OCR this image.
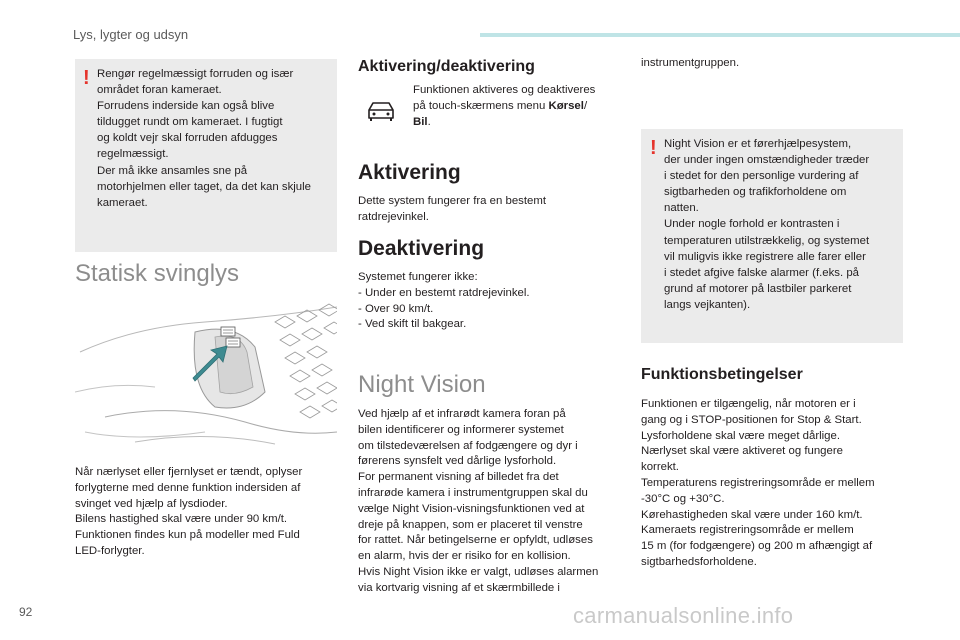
Lys, lygter og udsyn
! Rengør regelmæssigt forruden og især
området foran kameraet.
Forrudens inderside kan også blive
tildugget rundt om kameraet. I fugtigt
og koldt vejr skal forruden afdugges
regelmæssigt.
Der må ikke ansamles sne på
motorhjelmen eller taget, da det kan skjule
kameraet.
Statisk svinglys
Når nærlyset eller fjernlyset er tændt, oplyser
forlygterne med denne funktion indersiden af
svinget ved hjælp af lysdioder.
Bilens hastighed skal være under 90 km/t.
Funktionen findes kun på modeller med Fuld
LED-forlygter.
Aktivering/deaktivering
Funktionen aktiveres og deaktiveres
på touch-skærmens menu Kørsel/
Bil.
Aktivering
Dette system fungerer fra en bestemt
ratdrejevinkel.
Deaktivering
Systemet fungerer ikke:
- Under en bestemt ratdrejevinkel.
- Over 90 km/t.
- Ved skift til bakgear.
Night Vision
Ved hjælp af et infrarødt kamera foran på
bilen identificerer og informerer systemet
om tilstedeværelsen af fodgængere og dyr i
førerens synsfelt ved dårlige lysforhold.
For permanent visning af billedet fra det
infrarøde kamera i instrumentgruppen skal du
vælge Night Vision-visningsfunktionen ved at
dreje på knappen, som er placeret til venstre
for rattet. Når betingelserne er opfyldt, udløses
en alarm, hvis der er risiko for en kollision.
Hvis Night Vision ikke er valgt, udløses alarmen
via kortvarig visning af et skærmbillede i
instrumentgruppen.
! Night Vision er et førerhjælpesystem,
der under ingen omstændigheder træder
i stedet for den personlige vurdering af
sigtbarheden og trafikforholdene om
natten.
Under nogle forhold er kontrasten i
temperaturen utilstrækkelig, og systemet
vil muligvis ikke registrere alle farer eller
i stedet afgive falske alarmer (f.eks. på
grund af motorer på lastbiler parkeret
langs vejkanten).
Funktionsbetingelser
Funktionen er tilgængelig, når motoren er i
gang og i STOP-positionen for Stop & Start.
Lysforholdene skal være meget dårlige.
Nærlyset skal være aktiveret og fungere
korrekt.
Temperaturens registreringsområde er mellem
-30°C og +30°C.
Kørehastigheden skal være under 160 km/t.
Kameraets registreringsområde er mellem
15 m (for fodgængere) og 200 m afhængigt af
sigtbarhedsforholdene.
92	carmanualsonline.info
